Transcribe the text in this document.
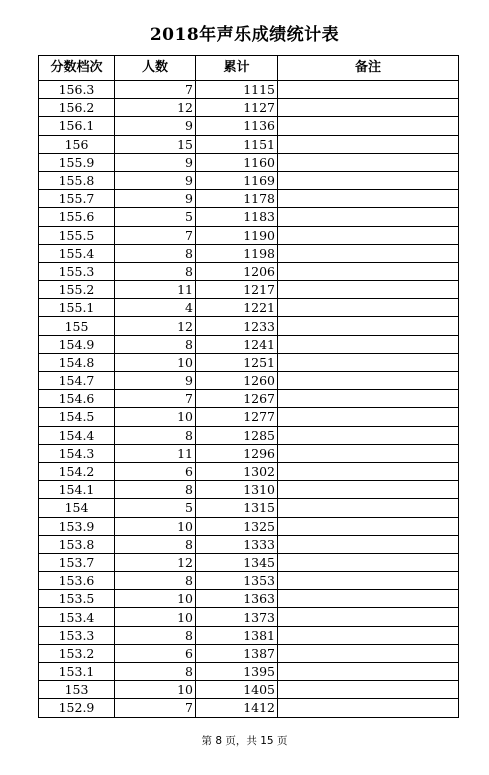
2018年声乐成绩统计表
分数档次	人数	累计	备注
156.3	7	1115	
156.2	12	1127	
156.1	9	1136	
156	15	1151	
155.9	9	1160	
155.8	9	1169	
155.7	9	1178	
155.6	5	1183	
155.5	7	1190	
155.4	8	1198	
155.3	8	1206	
155.2	11	1217	
155.1	4	1221	
155	12	1233	
154.9	8	1241	
154.8	10	1251	
154.7	9	1260	
154.6	7	1267	
154.5	10	1277	
154.4	8	1285	
154.3	11	1296	
154.2	6	1302	
154.1	8	1310	
154	5	1315	
153.9	10	1325	
153.8	8	1333	
153.7	12	1345	
153.6	8	1353	
153.5	10	1363	
153.4	10	1373	
153.3	8	1381	
153.2	6	1387	
153.1	8	1395	
153	10	1405	
152.9	7	1412	
第 8 页，共 15 页
